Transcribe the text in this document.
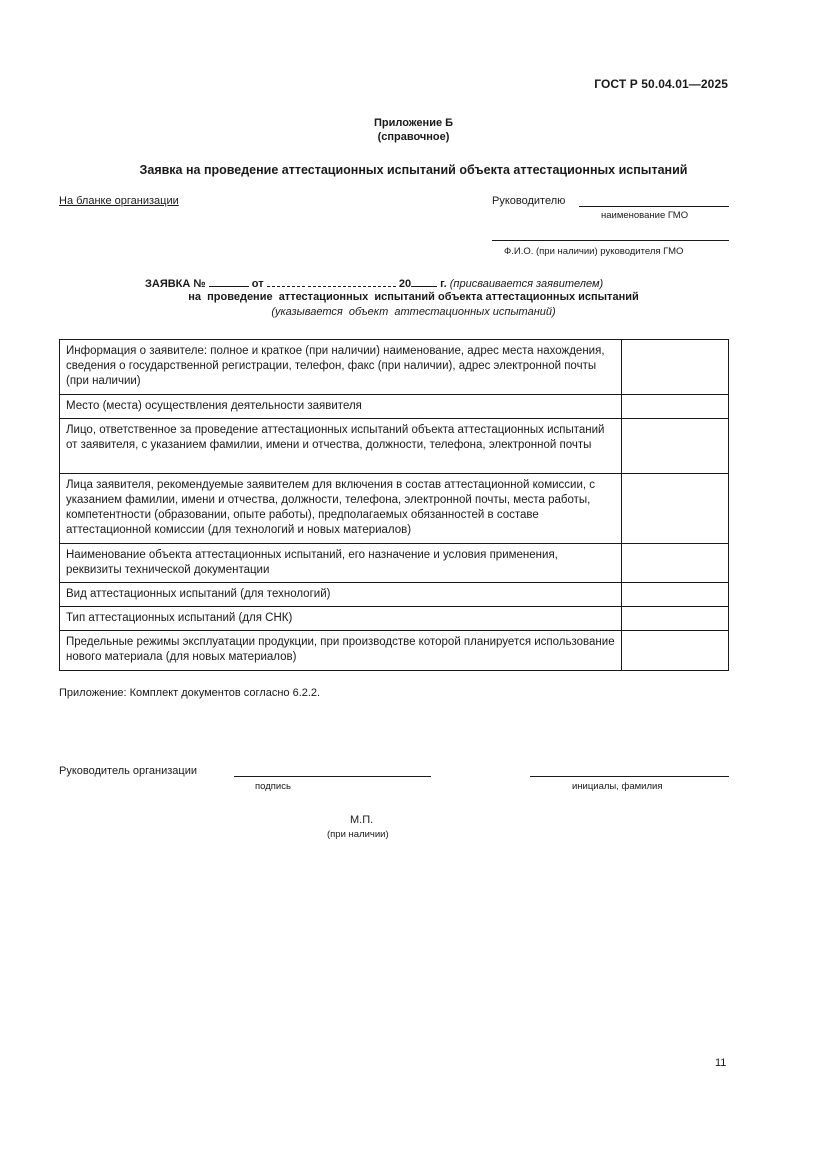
ГОСТ Р 50.04.01—2025
Приложение Б
(справочное)
Заявка на проведение аттестационных испытаний объекта аттестационных испытаний
На бланке организации	Руководителю
наименование ГМО
Ф.И.О. (при наличии) руководителя ГМО
ЗАЯВКА №	от	20	г. (присваивается заявителем)
на  проведение  аттестационных  испытаний объекта аттестационных испытаний
(указывается  объект  аттестационных испытаний)
Информация о заявителе: полное и краткое (при наличии) наименование, адрес места нахождения, сведения о государственной регистрации, телефон, факс (при наличии), адрес электронной почты (при наличии)	
Место (места) осуществления деятельности заявителя	
Лицо, ответственное за проведение аттестационных испытаний объекта аттестационных испытаний от заявителя, с указанием фамилии, имени и отчества, должности, телефона, электронной почты	
Лица заявителя, рекомендуемые заявителем для включения в состав аттестационной комиссии, с указанием фамилии, имени и отчества, должности, телефона, электронной почты, места работы, компетентности (образовании, опыте работы), предполагаемых обязанностей в составе аттестационной комиссии (для технологий и новых материалов)	
Наименование объекта аттестационных испытаний, его назначение и условия применения, реквизиты технической документации	
Вид аттестационных испытаний (для технологий)	
Тип аттестационных испытаний (для СНК)	
Предельные режимы эксплуатации продукции, при производстве которой планируется использование нового материала (для новых материалов)	
Приложение: Комплект документов согласно 6.2.2.
Руководитель организации
подпись	инициалы, фамилия
М.П.
(при наличии)
11
